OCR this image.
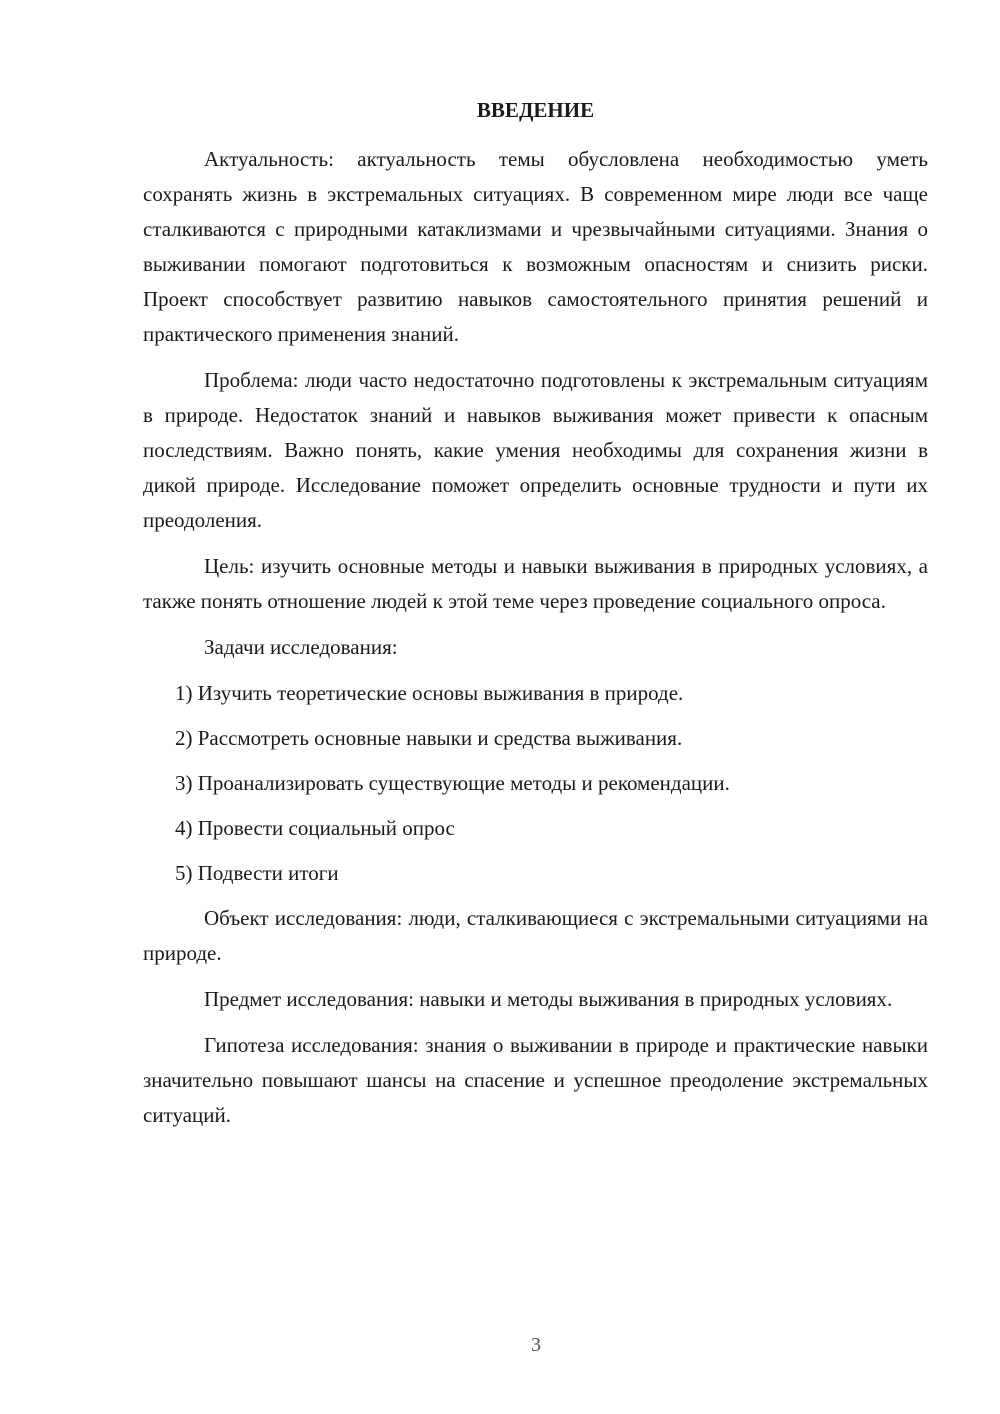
ВВЕДЕНИЕ

Актуальность: актуальность темы обусловлена необходимостью уметь сохранять жизнь в экстремальных ситуациях. В современном мире люди все чаще сталкиваются с природными катаклизмами и чрезвычайными ситуациями. Знания о выживании помогают подготовиться к возможным опасностям и снизить риски. Проект способствует развитию навыков самостоятельного принятия решений и практического применения знаний.

Проблема: люди часто недостаточно подготовлены к экстремальным ситуациям в природе. Недостаток знаний и навыков выживания может привести к опасным последствиям. Важно понять, какие умения необходимы для сохранения жизни в дикой природе. Исследование поможет определить основные трудности и пути их преодоления.

Цель: изучить основные методы и навыки выживания в природных условиях, а также понять отношение людей к этой теме через проведение социального опроса.

Задачи исследования:

1) Изучить теоретические основы выживания в природе.
2) Рассмотреть основные навыки и средства выживания.
3) Проанализировать существующие методы и рекомендации.
4) Провести социальный опрос
5) Подвести итоги

Объект исследования: люди, сталкивающиеся с экстремальными ситуациями на природе.

Предмет исследования: навыки и методы выживания в природных условиях.

Гипотеза исследования: знания о выживании в природе и практические навыки значительно повышают шансы на спасение и успешное преодоление экстремальных ситуаций.

3
